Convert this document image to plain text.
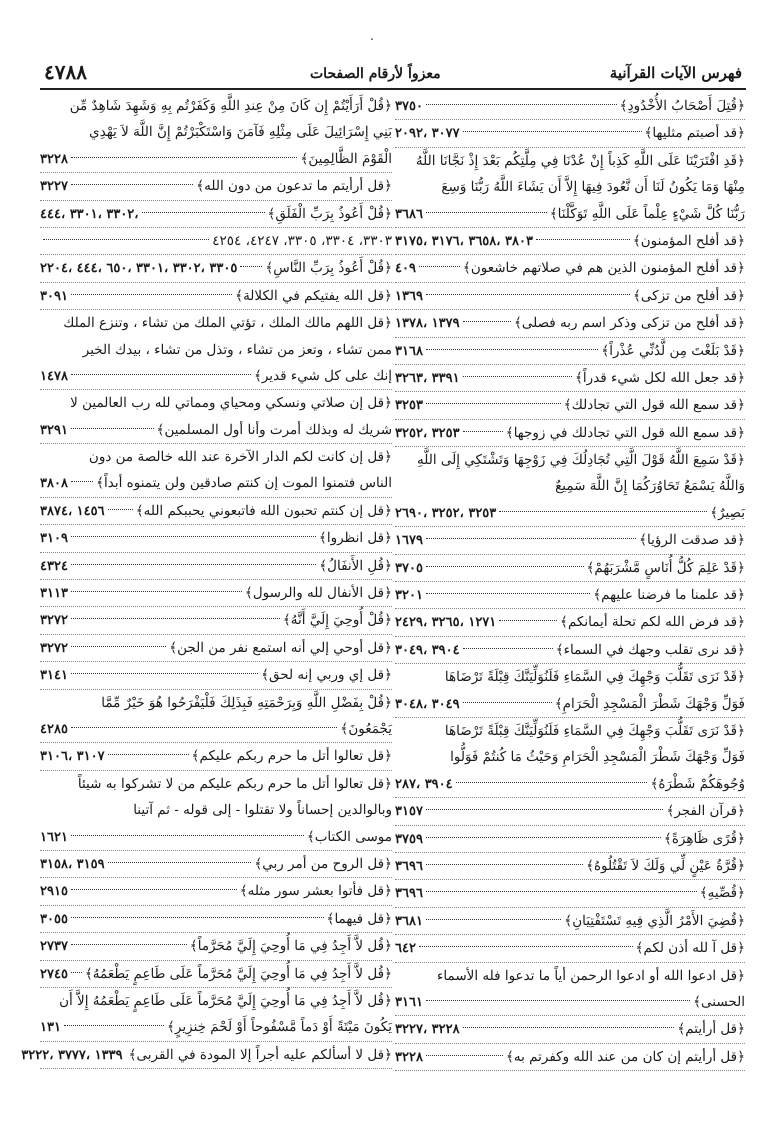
.
فهرس الآيات القرآنية
معزواً لأرقام الصفحات
٤٧٨٨
﴿قُتِلَ أَصْحَابُ الأُخْدُودِ﴾
٣٧٥٠
﴿قد أصبتم مثليها﴾
٣٠٧٧ ،٢٠٩٢
﴿قَدِ افْتَرَيْنَا عَلَى اللَّهِ كَذِباً إِنْ عُدْنَا فِي مِلَّتِكُم بَعْدَ إِذْ نَجَّانَا اللَّهُ
مِنْهَا وَمَا يَكُونُ لَنَا أَن نَّعُودَ فِيهَا إِلاَّ أَن يَشَاءَ اللَّهُ رَبُّنَا وَسِعَ
رَبُّنَا كُلَّ شَيْءٍ عِلْماً عَلَى اللَّهِ تَوَكَّلْنَا﴾
٣٦٨٦
﴿قد أفلح المؤمنون﴾
٣٨٠٣ ،٣٦٥٨ ،٣١٧٦ ،٣١٧٥
﴿قد أفلح المؤمنون الذين هم في صلاتهم خاشعون﴾
٤٠٩
﴿قد أفلح من تزكى﴾
١٣٦٩
﴿قد أفلح من تزكى وذكر اسم ربه فصلى﴾
١٣٧٩ ،١٣٧٨
﴿قَدْ بَلَغْتَ مِن لَّدُنِّي عُذْراً﴾
٣١٦٨
﴿قد جعل الله لكل شيء قدراً﴾
٣٣٩١ ،٣٢٦٣
﴿قد سمع الله قول التي تجادلك﴾
٣٢٥٣
﴿قد سمع الله قول التي تجادلك في زوجها﴾
٣٢٥٣ ،٣٢٥٢
﴿قَدْ سَمِعَ اللَّهُ قَوْلَ الَّتِي تُجَادِلُكَ فِي زَوْجِهَا وَتَشْتَكِي إِلَى اللَّهِ
وَاللَّهُ يَسْمَعُ تَحَاوُرَكُمَا إِنَّ اللَّهَ سَمِيعٌ
بَصِيرٌ﴾
٣٢٥٣ ،٣٢٥٢ ،٢٦٩٠
﴿قد صدقت الرؤيا﴾
١٦٧٩
﴿قَدْ عَلِمَ كُلُّ أُنَاسٍ مَّشْرَبَهُمْ﴾
٣٧٠٥
﴿قد علمنا ما فرضنا عليهم﴾
٣٢٠١
﴿قد فرض الله لكم تحلة أيمانكم﴾
١٢٧١ ،٣٢٦٥ ،٢٤٢٩
﴿قد نرى تقلب وجهك في السماء﴾
٣٩٠٤ ،٣٠٤٩
﴿قَدْ نَرَى تَقَلُّبَ وَجْهِكَ فِي السَّمَاءِ فَلَنُوَلِّيَنَّكَ قِبْلَةً تَرْضَاهَا
فَوَلِّ وَجْهَكَ شَطْرَ الْمَسْجِدِ الْحَرَامِ﴾
٣٠٤٩ ،٣٠٤٨
﴿قَدْ نَرَى تَقَلُّبَ وَجْهِكَ فِي السَّمَاءِ فَلَنُوَلِّيَنَّكَ قِبْلَةً تَرْضَاهَا
فَوَلِّ وَجْهَكَ شَطْرَ الْمَسْجِدِ الْحَرَامِ وَحَيْثُ مَا كُنتُمْ فَوَلُّوا
وُجُوهَكُمْ شَطْرَهُ﴾
٣٩٠٤ ،٢٨٧
﴿قرآن الفجر﴾
٣١٥٧
﴿قُرًى ظَاهِرَةً﴾
٣٧٥٩
﴿قُرَّةُ عَيْنٍ لِّي وَلَكَ لاَ تَقْتُلُوهُ﴾
٣٦٩٦
﴿قُصِّيهِ﴾
٣٦٩٦
﴿قُضِيَ الأَمْرُ الَّذِي فِيهِ تَسْتَفْتِيَانِ﴾
٣٦٨١
﴿قل آ لله أذن لكم﴾
٦٤٢
﴿قل ادعوا الله أو ادعوا الرحمن أياً ما تدعوا فله الأسماء
الحسنى﴾
٣١٦١
﴿قل أرأيتم﴾
٣٢٢٨ ،٣٢٢٧
﴿قل أرأيتم إن كان من عند الله وكفرتم به﴾
٣٢٢٨
﴿قُلْ أَرَأَيْتُمْ إِن كَانَ مِنْ عِندِ اللَّهِ وَكَفَرْتُم بِهِ وَشَهِدَ شَاهِدٌ مِّن
بَنِي إِسْرَائِيلَ عَلَى مِثْلِهِ فَآمَنَ وَاسْتَكْبَرْتُمْ إِنَّ اللَّهَ لاَ يَهْدِي
الْقَوْمَ الظَّالِمِينَ﴾
٣٢٢٨
﴿قل أرأيتم ما تدعون من دون الله﴾
٣٢٢٧
﴿قُلْ أَعُوذُ بِرَبِّ الْفَلَقِ﴾
،٣٣٠٢ ،٣٣٠١ ،٤٤٤
٣٣٠٣، ٣٣٠٤، ٣٣٠٥، ٤٢٤٧، ٤٢٥٤
﴿قُلْ أَعُوذُ بِرَبِّ النَّاسِ﴾
٣٣٠٥ ،٣٣٠٢ ،٣٣٠١ ،٦٥٠ ،٤٤٤ ،٢٢٠٤
﴿قل الله يفتيكم في الكلالة﴾
٣٠٩١
﴿قل اللهم مالك الملك ، تؤتي الملك من تشاء ، وتنزع الملك
ممن تشاء ، وتعز من تشاء ، وتذل من تشاء ، بيدك الخير
إنك على كل شيء قدير﴾
١٤٧٨
﴿قل إن صلاتي ونسكي ومحياي ومماتي لله رب العالمين لا
شريك له وبذلك أمرت وأنا أول المسلمين﴾
٣٢٩١
﴿قل إن كانت لكم الدار الآخرة عند الله خالصة من دون
الناس فتمنوا الموت إن كنتم صادقين ولن يتمنوه أبداً﴾
٣٨٠٨
﴿قل إن كنتم تحبون الله فاتبعوني يحببكم الله﴾
١٤٥٦ ،٣٨٧٤
﴿قل انظروا﴾
٣١٠٩
﴿قُلِ الأَنفَالُ﴾
٤٣٢٤
﴿قل الأنفال لله والرسول﴾
٣١١٣
﴿قُلْ أُوحِيَ إِلَيَّ أَنَّهُ﴾
٣٢٧٢
﴿قل أوحي إلي أنه استمع نفر من الجن﴾
٣٢٧٢
﴿قل إي وربي إنه لحق﴾
٣١٤١
﴿قُلْ بِفَضْلِ اللَّهِ وَبِرَحْمَتِهِ فَبِذَلِكَ فَلْيَفْرَحُوا هُوَ خَيْرٌ مِّمَّا
يَجْمَعُونَ﴾
٤٢٨٥
﴿قل تعالوا أتل ما حرم ربكم عليكم﴾
٣١٠٧ ،٣١٠٦
﴿قل تعالوا أتل ما حرم ربكم عليكم من لا تشركوا به شيئاً
وبالوالدين إحساناً ولا تقتلوا - إلى قوله - ثم آتينا
موسى الكتاب﴾
١٦٢١
﴿قل الروح من أمر ربي﴾
٣١٥٩ ،٣١٥٨
﴿قل فأتوا بعشر سور مثله﴾
٢٩١٥
﴿قل فيهما﴾
٣٠٥٥
﴿قُل لاَّ أَجِدُ فِي مَا أُوحِيَ إِلَيَّ مُحَرَّماً﴾
٢٧٣٧
﴿قُل لاَّ أَجِدُ فِي مَا أُوحِيَ إِلَيَّ مُحَرَّماً عَلَى طَاعِمٍ يَطْعَمُهُ﴾
٢٧٤٥
﴿قُل لاَّ أَجِدُ فِي مَا أُوحِيَ إِلَيَّ مُحَرَّماً عَلَى طَاعِمٍ يَطْعَمُهُ إِلاَّ أَن
يَكُونَ مَيْتَةً أَوْ دَماً مَّسْفُوحاً أَوْ لَحْمَ خِنزِيرٍ﴾
١٣١
﴿قل لا أسألكم عليه أجراً إلا المودة في القربى﴾
١٣٣٩ ،٣٧٧٧ ،٣٢٢٢
